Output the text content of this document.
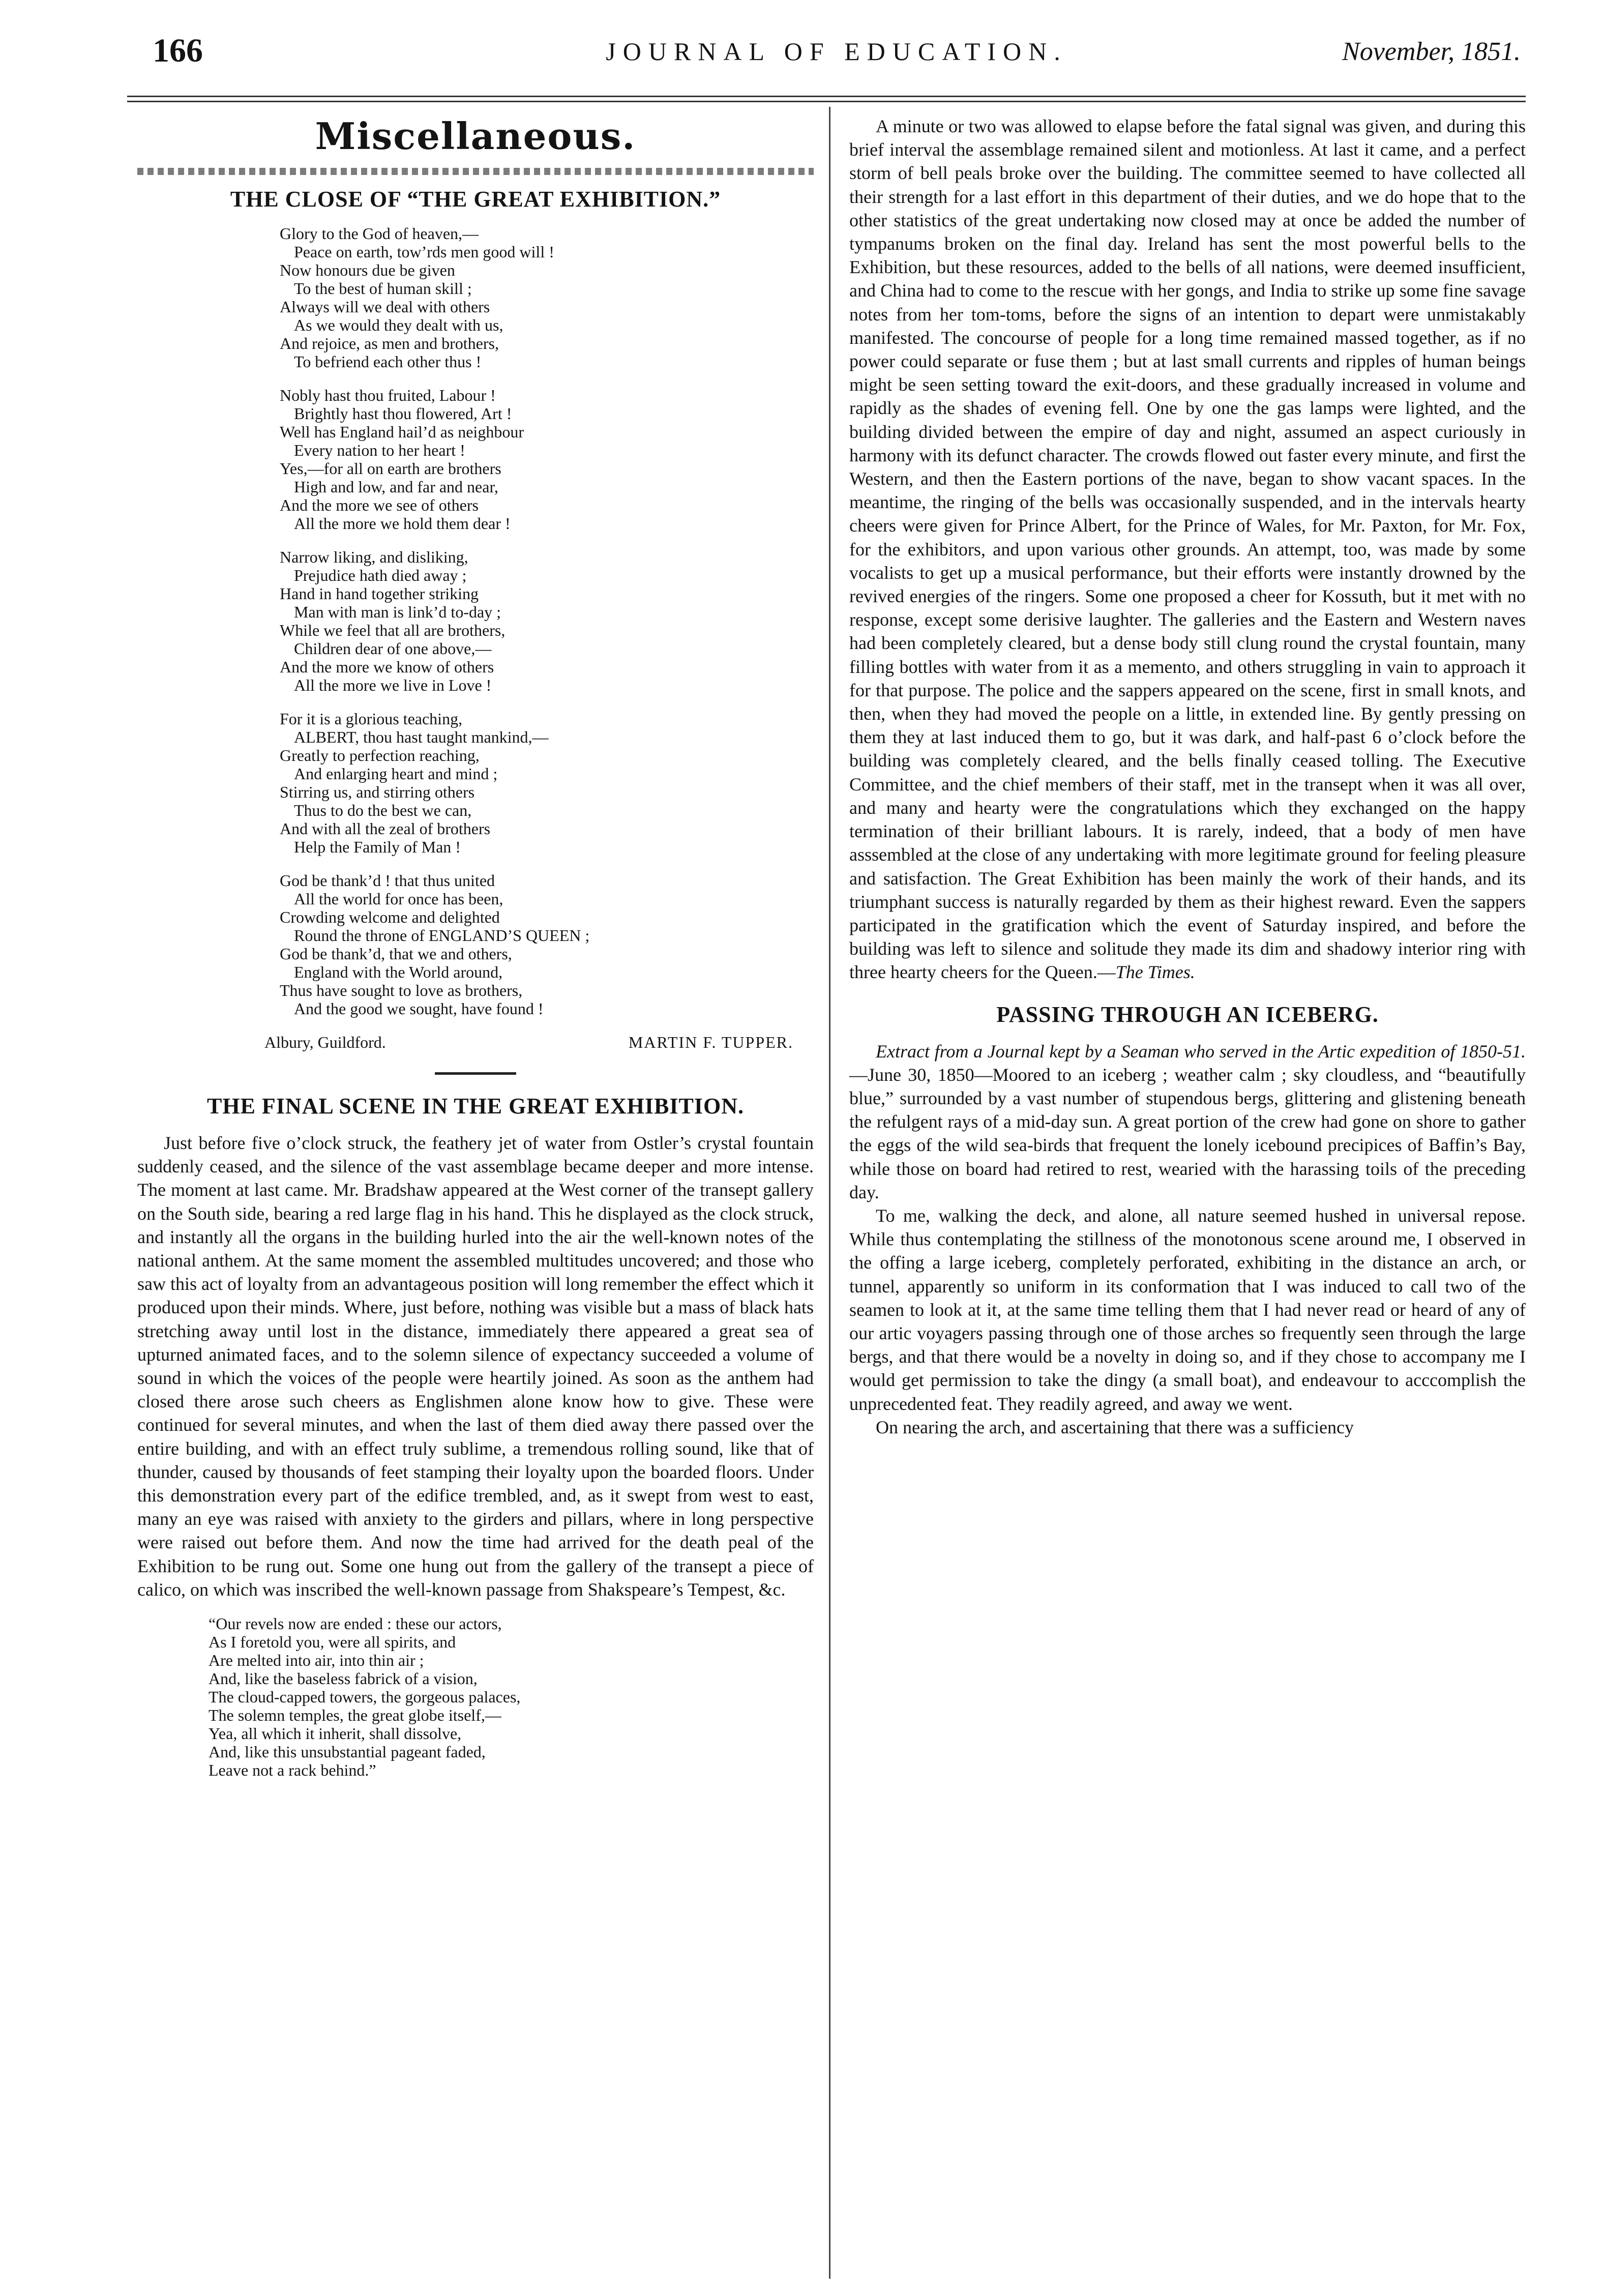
166	JOURNAL OF EDUCATION.	November, 1851.
Miscellaneous.
THE CLOSE OF “THE GREAT EXHIBITION.”
Glory to the God of heaven,—
Peace on earth, tow’rds men good will !
Now honours due be given
To the best of human skill ;
Always will we deal with others
As we would they dealt with us,
And rejoice, as men and brothers,
To befriend each other thus !
Nobly hast thou fruited, Labour !
Brightly hast thou flowered, Art !
Well has England hail’d as neighbour
Every nation to her heart !
Yes,—for all on earth are brothers
High and low, and far and near,
And the more we see of others
All the more we hold them dear !
Narrow liking, and disliking,
Prejudice hath died away ;
Hand in hand together striking
Man with man is link’d to-day ;
While we feel that all are brothers,
Children dear of one above,—
And the more we know of others
All the more we live in Love !
For it is a glorious teaching,
ALBERT, thou hast taught mankind,—
Greatly to perfection reaching,
And enlarging heart and mind ;
Stirring us, and stirring others
Thus to do the best we can,
And with all the zeal of brothers
Help the Family of Man !
God be thank’d ! that thus united
All the world for once has been,
Crowding welcome and delighted
Round the throne of ENGLAND’S QUEEN ;
God be thank’d, that we and others,
England with the World around,
Thus have sought to love as brothers,
And the good we sought, have found !
Albury, Guildford.	MARTIN F. TUPPER.
THE FINAL SCENE IN THE GREAT EXHIBITION.

Just before five o’clock struck, the feathery jet of water from Ostler’s crystal fountain suddenly ceased, and the silence of the vast assemblage became deeper and more intense. The moment at last came. Mr. Bradshaw appeared at the West corner of the transept gallery on the South side, bearing a red large flag in his hand. This he displayed as the clock struck, and instantly all the organs in the building hurled into the air the well-known notes of the national anthem. At the same moment the assembled multitudes uncovered; and those who saw this act of loyalty from an advantageous position will long remember the effect which it produced upon their minds. Where, just before, nothing was visible but a mass of black hats stretching away until lost in the distance, immediately there appeared a great sea of upturned animated faces, and to the solemn silence of expectancy succeeded a volume of sound in which the voices of the people were heartily joined. As soon as the anthem had closed there arose such cheers as Englishmen alone know how to give. These were continued for several minutes, and when the last of them died away there passed over the entire building, and with an effect truly sublime, a tremendous rolling sound, like that of thunder, caused by thousands of feet stamping their loyalty upon the boarded floors. Under this demonstration every part of the edifice trembled, and, as it swept from west to east, many an eye was raised with anxiety to the girders and pillars, where in long perspective were raised out before them. And now the time had arrived for the death peal of the Exhibition to be rung out. Some one hung out from the gallery of the transept a piece of calico, on which was inscribed the well-known passage from Shakspeare’s Tempest, &c.

“Our revels now are ended : these our actors,
As I foretold you, were all spirits, and
Are melted into air, into thin air ;
And, like the baseless fabrick of a vision,
The cloud-capped towers, the gorgeous palaces,
The solemn temples, the great globe itself,—
Yea, all which it inherit, shall dissolve,
And, like this unsubstantial pageant faded,
Leave not a rack behind.”

A minute or two was allowed to elapse before the fatal signal was given, and during this brief interval the assemblage remained silent and motionless. At last it came, and a perfect storm of bell peals broke over the building. The committee seemed to have collected all their strength for a last effort in this department of their duties, and we do hope that to the other statistics of the great undertaking now closed may at once be added the number of tympanums broken on the final day. Ireland has sent the most powerful bells to the Exhibition, but these resources, added to the bells of all nations, were deemed insufficient, and China had to come to the rescue with her gongs, and India to strike up some fine savage notes from her tom-toms, before the signs of an intention to depart were unmistakably manifested. The concourse of people for a long time remained massed together, as if no power could separate or fuse them ; but at last small currents and ripples of human beings might be seen setting toward the exit-doors, and these gradually increased in volume and rapidly as the shades of evening fell. One by one the gas lamps were lighted, and the building divided between the empire of day and night, assumed an aspect curiously in harmony with its defunct character. The crowds flowed out faster every minute, and first the Western, and then the Eastern portions of the nave, began to show vacant spaces. In the meantime, the ringing of the bells was occasionally suspended, and in the intervals hearty cheers were given for Prince Albert, for the Prince of Wales, for Mr. Paxton, for Mr. Fox, for the exhibitors, and upon various other grounds. An attempt, too, was made by some vocalists to get up a musical performance, but their efforts were instantly drowned by the revived energies of the ringers. Some one proposed a cheer for Kossuth, but it met with no response, except some derisive laughter. The galleries and the Eastern and Western naves had been completely cleared, but a dense body still clung round the crystal fountain, many filling bottles with water from it as a memento, and others struggling in vain to approach it for that purpose. The police and the sappers appeared on the scene, first in small knots, and then, when they had moved the people on a little, in extended line. By gently pressing on them they at last induced them to go, but it was dark, and half-past 6 o’clock before the building was completely cleared, and the bells finally ceased tolling. The Executive Committee, and the chief members of their staff, met in the transept when it was all over, and many and hearty were the congratulations which they exchanged on the happy termination of their brilliant labours. It is rarely, indeed, that a body of men have asssembled at the close of any undertaking with more legitimate ground for feeling pleasure and satisfaction. The Great Exhibition has been mainly the work of their hands, and its triumphant success is naturally regarded by them as their highest reward. Even the sappers participated in the gratification which the event of Saturday inspired, and before the building was left to silence and solitude they made its dim and shadowy interior ring with three hearty cheers for the Queen.—The Times.

PASSING THROUGH AN ICEBERG.

Extract from a Journal kept by a Seaman who served in the Artic expedition of 1850-51.—June 30, 1850—Moored to an iceberg ; weather calm ; sky cloudless, and “beautifully blue,” surrounded by a vast number of stupendous bergs, glittering and glistening beneath the refulgent rays of a mid-day sun. A great portion of the crew had gone on shore to gather the eggs of the wild sea-birds that frequent the lonely icebound precipices of Baffin’s Bay, while those on board had retired to rest, wearied with the harassing toils of the preceding day.

To me, walking the deck, and alone, all nature seemed hushed in universal repose. While thus contemplating the stillness of the monotonous scene around me, I observed in the offing a large iceberg, completely perforated, exhibiting in the distance an arch, or tunnel, apparently so uniform in its conformation that I was induced to call two of the seamen to look at it, at the same time telling them that I had never read or heard of any of our artic voyagers passing through one of those arches so frequently seen through the large bergs, and that there would be a novelty in doing so, and if they chose to accompany me I would get permission to take the dingy (a small boat), and endeavour to acccomplish the unprecedented feat. They readily agreed, and away we went.

On nearing the arch, and ascertaining that there was a sufficiency
